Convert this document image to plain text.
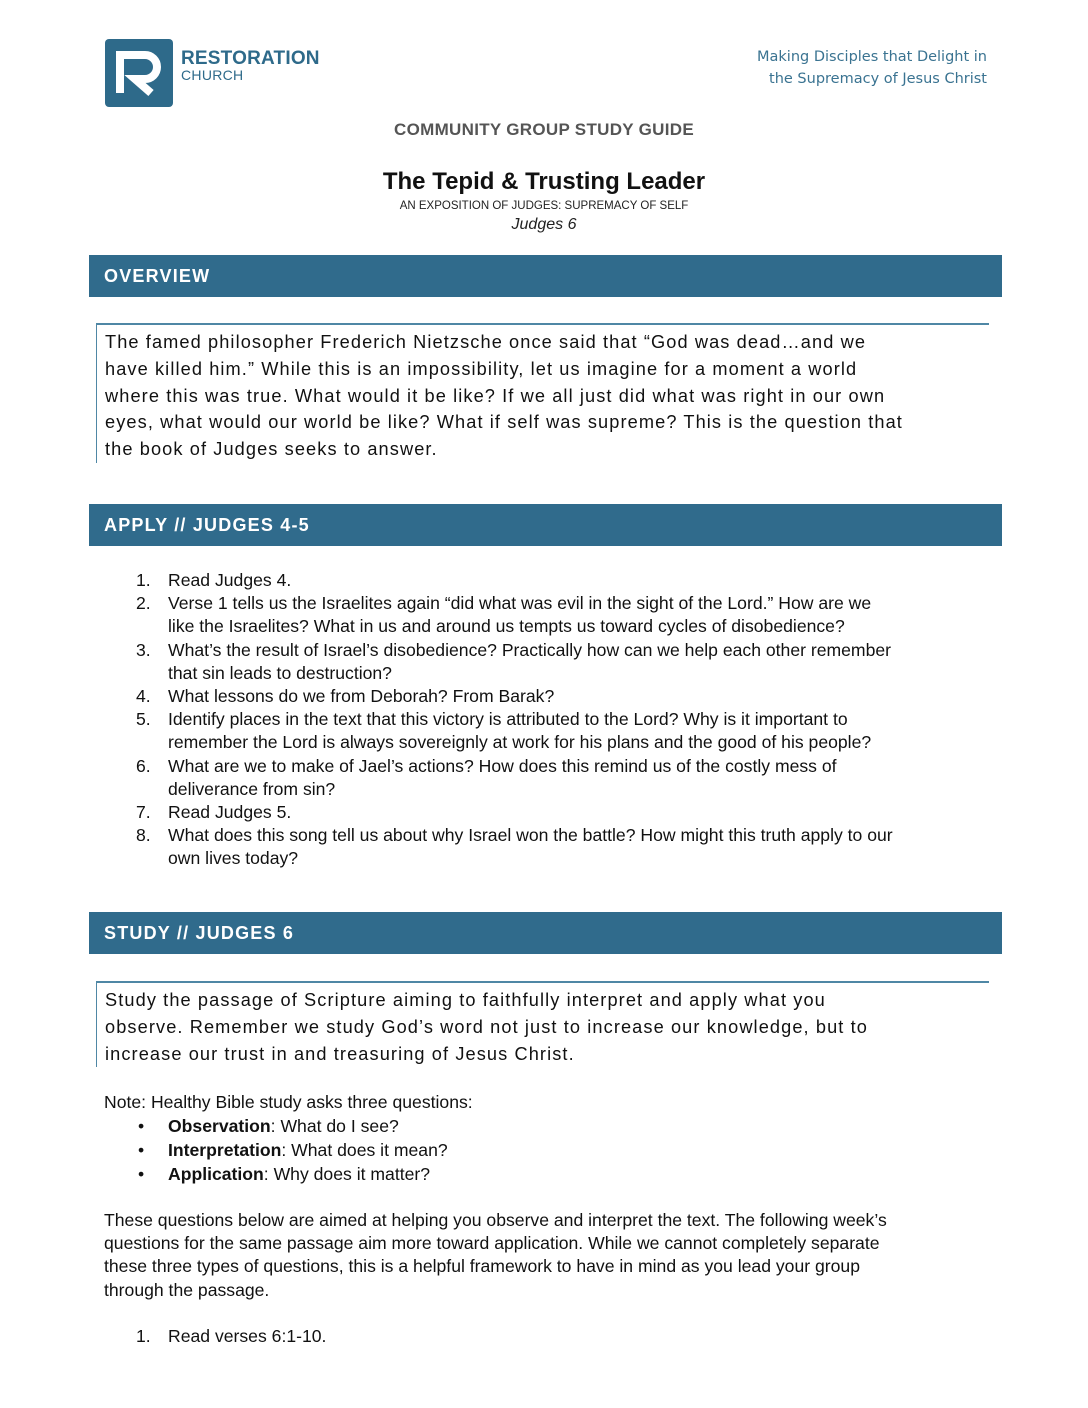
RESTORATION
CHURCH
Making Disciples that Delight in
the Supremacy of Jesus Christ
COMMUNITY GROUP STUDY GUIDE
The Tepid & Trusting Leader
AN EXPOSITION OF JUDGES: SUPREMACY OF SELF
Judges 6
OVERVIEW
The famed philosopher Frederich Nietzsche once said that “God was dead…and we
have killed him.” While this is an impossibility, let us imagine for a moment a world
where this was true. What would it be like? If we all just did what was right in our own
eyes, what would our world be like? What if self was supreme? This is the question that
the book of Judges seeks to answer.
APPLY // JUDGES 4-5
1. Read Judges 4.
2. Verse 1 tells us the Israelites again “did what was evil in the sight of the Lord.” How are we
like the Israelites? What in us and around us tempts us toward cycles of disobedience?
3. What’s the result of Israel’s disobedience? Practically how can we help each other remember
that sin leads to destruction?
4. What lessons do we from Deborah? From Barak?
5. Identify places in the text that this victory is attributed to the Lord? Why is it important to
remember the Lord is always sovereignly at work for his plans and the good of his people?
6. What are we to make of Jael’s actions? How does this remind us of the costly mess of
deliverance from sin?
7. Read Judges 5.
8. What does this song tell us about why Israel won the battle? How might this truth apply to our
own lives today?
STUDY // JUDGES 6
Study the passage of Scripture aiming to faithfully interpret and apply what you
observe. Remember we study God’s word not just to increase our knowledge, but to
increase our trust in and treasuring of Jesus Christ.
Note: Healthy Bible study asks three questions:
• Observation: What do I see?
• Interpretation: What does it mean?
• Application: Why does it matter?
These questions below are aimed at helping you observe and interpret the text. The following week’s
questions for the same passage aim more toward application. While we cannot completely separate
these three types of questions, this is a helpful framework to have in mind as you lead your group
through the passage.
1. Read verses 6:1-10.
